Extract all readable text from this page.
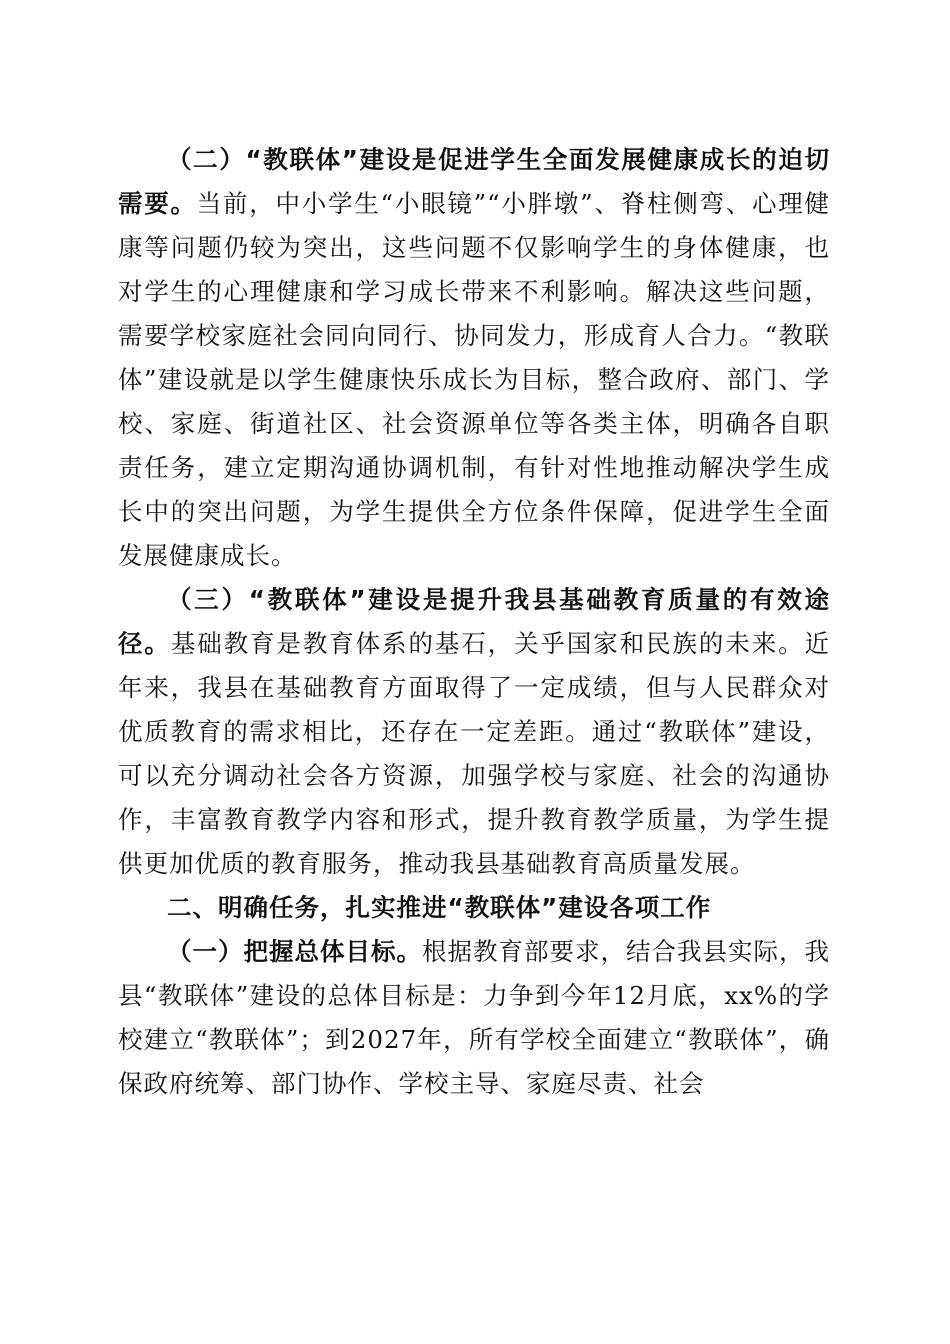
（二）“教联体”建设是促进学生全面发展健康成长的迫切需要。当前，中小学生“小眼镜”“小胖墩”、脊柱侧弯、心理健康等问题仍较为突出，这些问题不仅影响学生的身体健康，也对学生的心理健康和学习成长带来不利影响。解决这些问题，需要学校家庭社会同向同行、协同发力，形成育人合力。“教联体”建设就是以学生健康快乐成长为目标，整合政府、部门、学校、家庭、街道社区、社会资源单位等各类主体，明确各自职责任务，建立定期沟通协调机制，有针对性地推动解决学生成长中的突出问题，为学生提供全方位条件保障，促进学生全面发展健康成长。

（三）“教联体”建设是提升我县基础教育质量的有效途径。基础教育是教育体系的基石，关乎国家和民族的未来。近年来，我县在基础教育方面取得了一定成绩，但与人民群众对优质教育的需求相比，还存在一定差距。通过“教联体”建设，可以充分调动社会各方资源，加强学校与家庭、社会的沟通协作，丰富教育教学内容和形式，提升教育教学质量，为学生提供更加优质的教育服务，推动我县基础教育高质量发展。

二、明确任务，扎实推进“教联体”建设各项工作

（一）把握总体目标。根据教育部要求，结合我县实际，我县“教联体”建设的总体目标是：力争到今年12月底，xx%的学校建立“教联体”；到2027年，所有学校全面建立“教联体”，确保政府统筹、部门协作、学校主导、家庭尽责、社会
